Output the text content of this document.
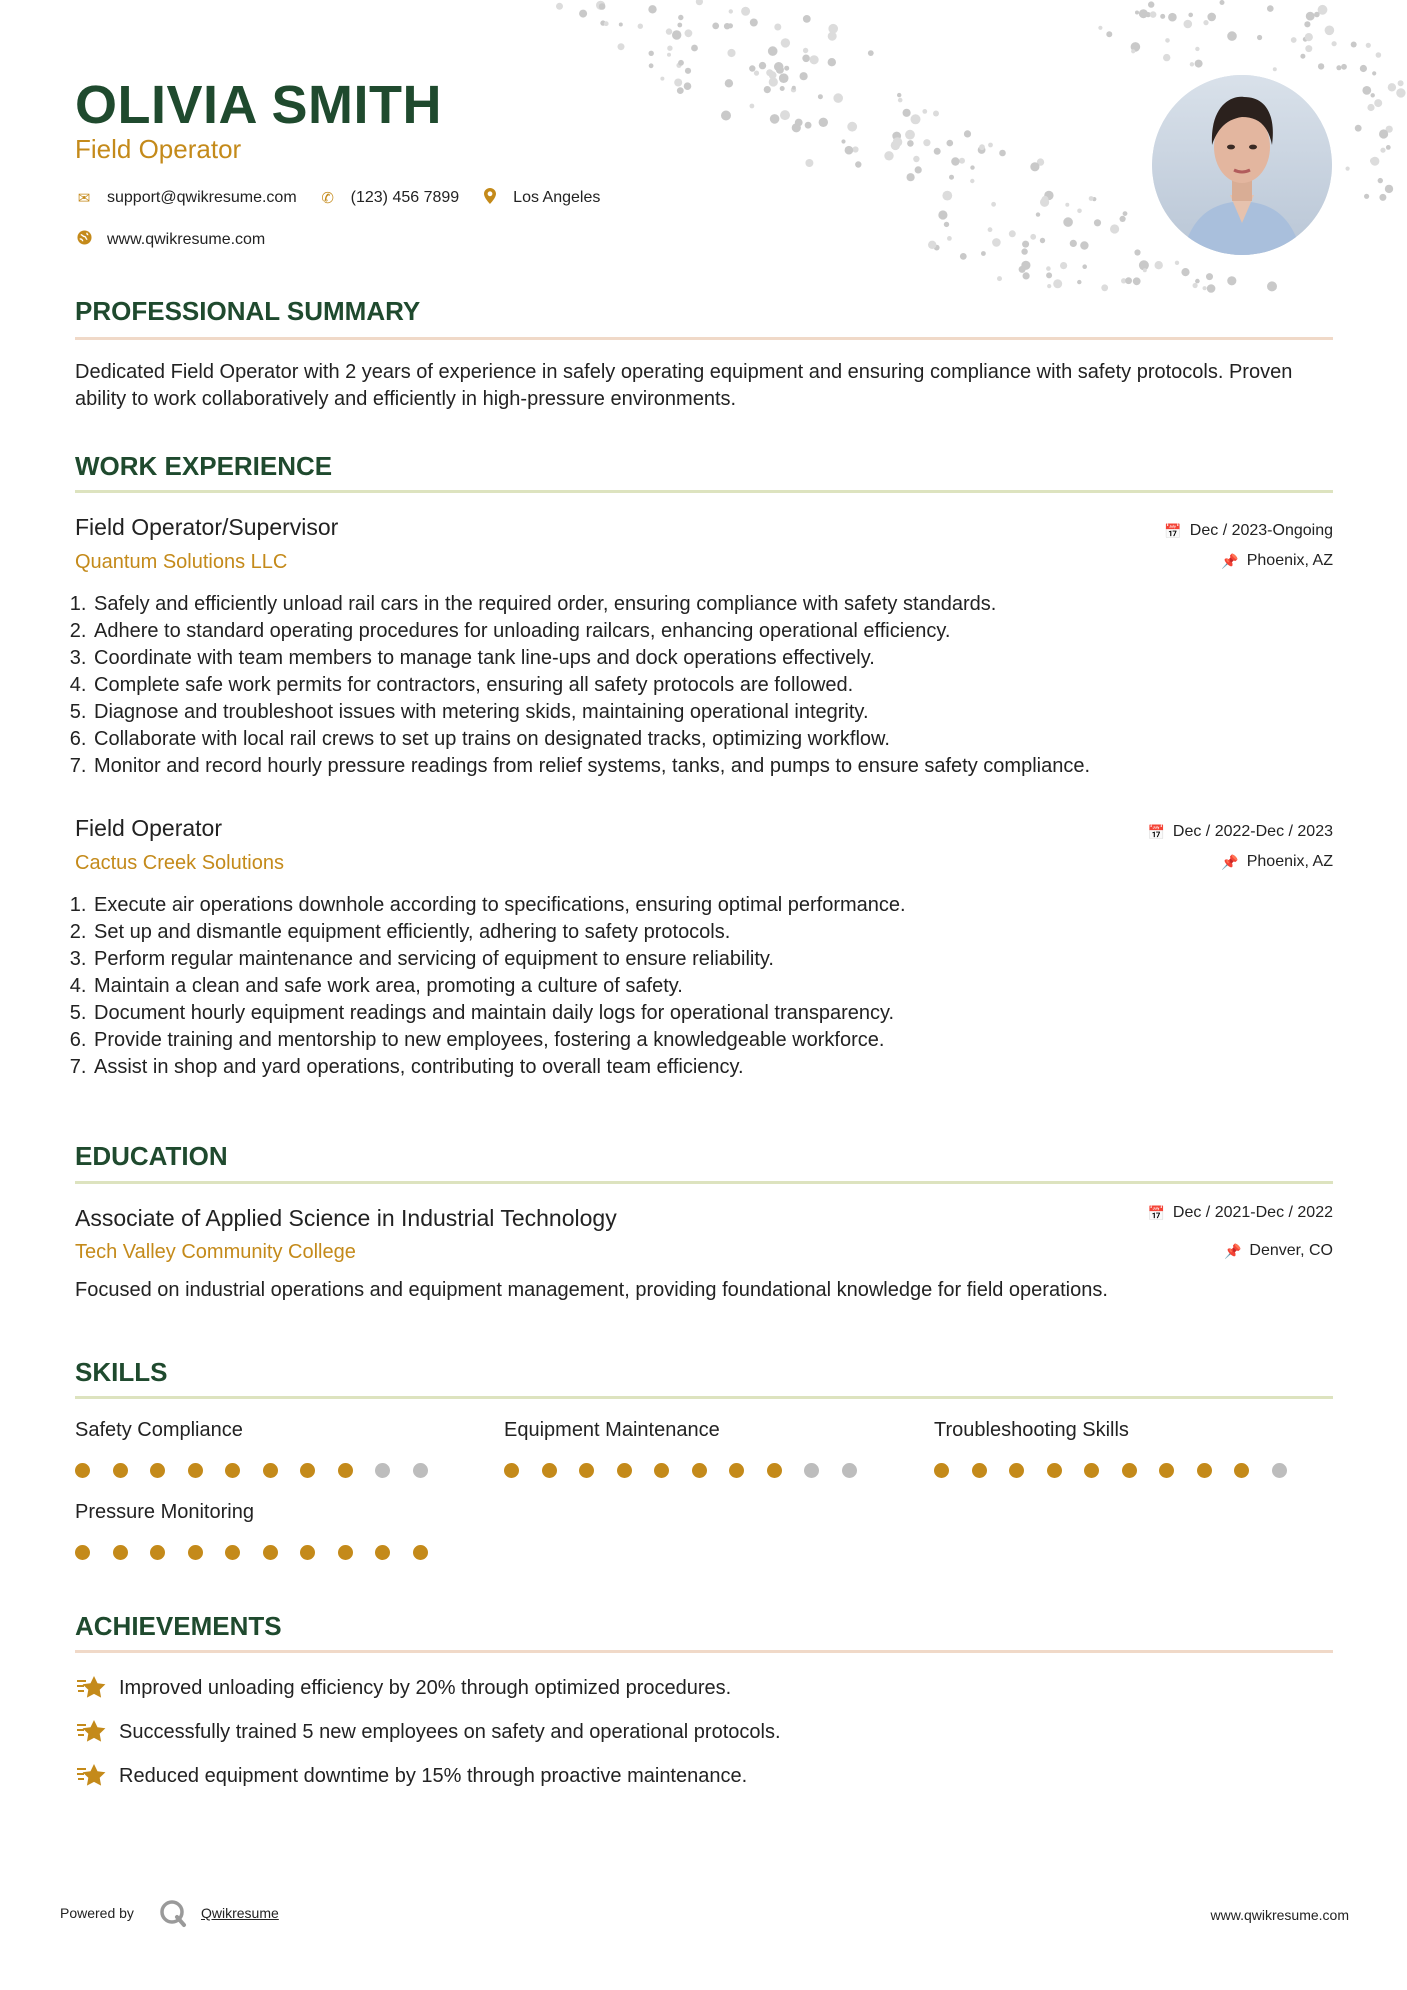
OLIVIA SMITH
Field Operator
✉ support@qwikresume.com ✆ (123) 456 7899	Los Angeles
www.qwikresume.com
PROFESSIONAL SUMMARY
Dedicated Field Operator with 2 years of experience in safely operating equipment and ensuring compliance with safety protocols. Proven ability to work collaboratively and efficiently in high-pressure environments.
WORK EXPERIENCE
Field Operator/Supervisor
Quantum Solutions LLC
📅 Dec / 2023-Ongoing
📌 Phoenix, AZ
1. Safely and efficiently unload rail cars in the required order, ensuring compliance with safety standards.
2. Adhere to standard operating procedures for unloading railcars, enhancing operational efficiency.
3. Coordinate with team members to manage tank line-ups and dock operations effectively.
4. Complete safe work permits for contractors, ensuring all safety protocols are followed.
5. Diagnose and troubleshoot issues with metering skids, maintaining operational integrity.
6. Collaborate with local rail crews to set up trains on designated tracks, optimizing workflow.
7. Monitor and record hourly pressure readings from relief systems, tanks, and pumps to ensure safety compliance.
Field Operator
Cactus Creek Solutions
📅 Dec / 2022-Dec / 2023
📌 Phoenix, AZ
1. Execute air operations downhole according to specifications, ensuring optimal performance.
2. Set up and dismantle equipment efficiently, adhering to safety protocols.
3. Perform regular maintenance and servicing of equipment to ensure reliability.
4. Maintain a clean and safe work area, promoting a culture of safety.
5. Document hourly equipment readings and maintain daily logs for operational transparency.
6. Provide training and mentorship to new employees, fostering a knowledgeable workforce.
7. Assist in shop and yard operations, contributing to overall team efficiency.
EDUCATION
Associate of Applied Science in Industrial Technology
Tech Valley Community College
📅 Dec / 2021-Dec / 2022
📌 Denver, CO
Focused on industrial operations and equipment management, providing foundational knowledge for field operations.
SKILLS
Safety Compliance	Equipment Maintenance	Troubleshooting Skills
Pressure Monitoring
ACHIEVEMENTS
Improved unloading efficiency by 20% through optimized procedures.
Successfully trained 5 new employees on safety and operational protocols.
Reduced equipment downtime by 15% through proactive maintenance.
Powered by	Qwikresume	www.qwikresume.com
